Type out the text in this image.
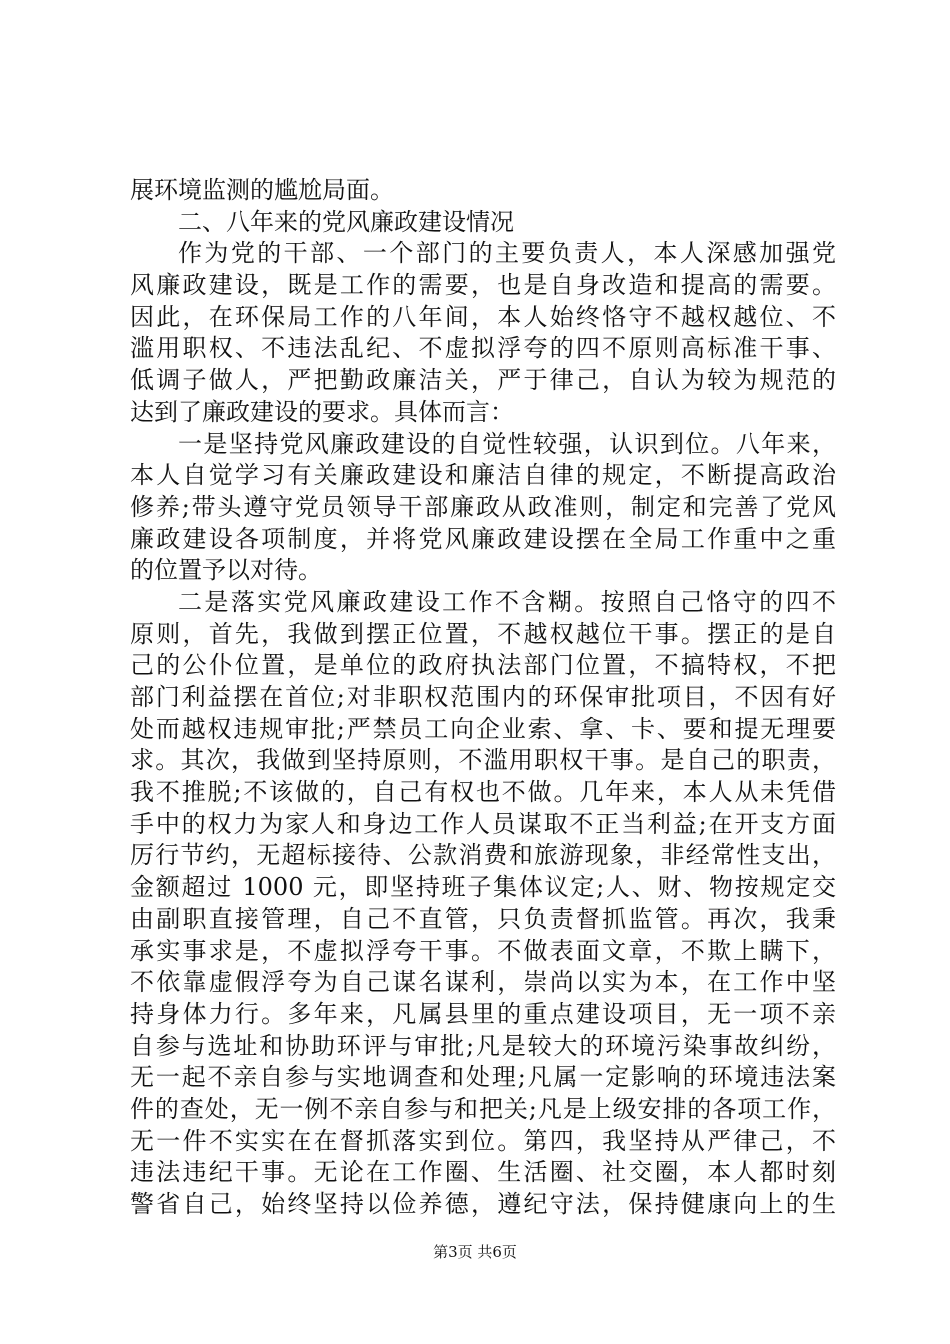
展环境监测的尴尬局面。

二、八年来的党风廉政建设情况

作为党的干部、一个部门的主要负责人，本人深感加强党

风廉政建设，既是工作的需要，也是自身改造和提高的需要。

因此，在环保局工作的八年间，本人始终恪守不越权越位、不

滥用职权、不违法乱纪、不虚拟浮夸的四不原则高标准干事、

低调子做人，严把勤政廉洁关，严于律己，自认为较为规范的

达到了廉政建设的要求。具体而言：

一是坚持党风廉政建设的自觉性较强，认识到位。八年来，

本人自觉学习有关廉政建设和廉洁自律的规定，不断提高政治

修养;带头遵守党员领导干部廉政从政准则，制定和完善了党风

廉政建设各项制度，并将党风廉政建设摆在全局工作重中之重

的位置予以对待。

二是落实党风廉政建设工作不含糊。按照自己恪守的四不

原则，首先，我做到摆正位置，不越权越位干事。摆正的是自

己的公仆位置，是单位的政府执法部门位置，不搞特权，不把

部门利益摆在首位;对非职权范围内的环保审批项目，不因有好

处而越权违规审批;严禁员工向企业索、拿、卡、要和提无理要

求。其次，我做到坚持原则，不滥用职权干事。是自己的职责，

我不推脱;不该做的，自己有权也不做。几年来，本人从未凭借

手中的权力为家人和身边工作人员谋取不正当利益;在开支方面

厉行节约，无超标接待、公款消费和旅游现象，非经常性支出，

金额超过 1000 元，即坚持班子集体议定;人、财、物按规定交

由副职直接管理，自己不直管，只负责督抓监管。再次，我秉

承实事求是，不虚拟浮夸干事。不做表面文章，不欺上瞒下，

不依靠虚假浮夸为自己谋名谋利，崇尚以实为本，在工作中坚

持身体力行。多年来，凡属县里的重点建设项目，无一项不亲

自参与选址和协助环评与审批;凡是较大的环境污染事故纠纷，

无一起不亲自参与实地调查和处理;凡属一定影响的环境违法案

件的查处，无一例不亲自参与和把关;凡是上级安排的各项工作，

无一件不实实在在督抓落实到位。第四，我坚持从严律己，不

违法违纪干事。无论在工作圈、生活圈、社交圈，本人都时刻

警省自己，始终坚持以俭养德，遵纪守法，保持健康向上的生

第3页 共6页
